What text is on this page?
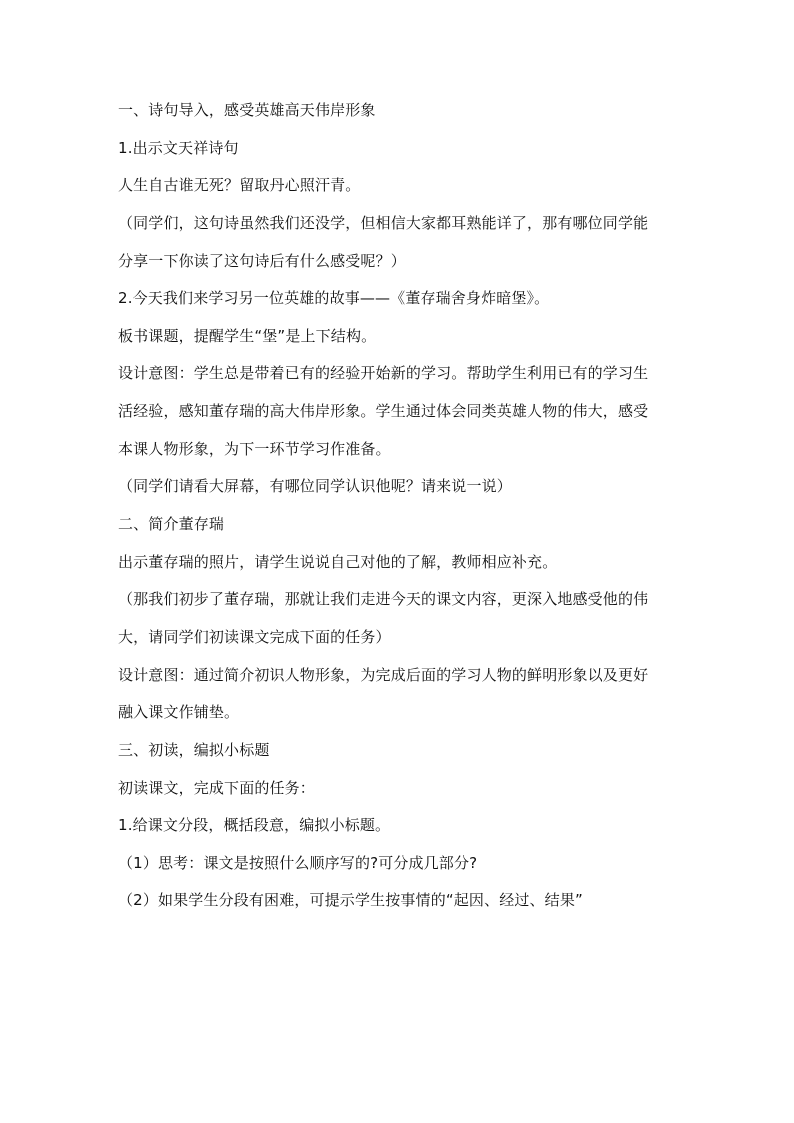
一、诗句导入，感受英雄高天伟岸形象

1.出示文天祥诗句

人生自古谁无死？留取丹心照汗青。

（同学们，这句诗虽然我们还没学，但相信大家都耳熟能详了，那有哪位同学能

分享一下你读了这句诗后有什么感受呢？）

2.今天我们来学习另一位英雄的故事——《董存瑞舍身炸暗堡》。

板书课题，提醒学生“堡”是上下结构。

设计意图：学生总是带着已有的经验开始新的学习。帮助学生利用已有的学习生

活经验，感知董存瑞的高大伟岸形象。学生通过体会同类英雄人物的伟大，感受

本课人物形象，为下一环节学习作准备。

（同学们请看大屏幕，有哪位同学认识他呢？请来说一说）

二、简介董存瑞

出示董存瑞的照片，请学生说说自己对他的了解，教师相应补充。

（那我们初步了董存瑞，那就让我们走进今天的课文内容，更深入地感受他的伟

大，请同学们初读课文完成下面的任务）

设计意图：通过简介初识人物形象，为完成后面的学习人物的鲜明形象以及更好

融入课文作铺垫。

三、初读，编拟小标题

初读课文，完成下面的任务：

1.给课文分段，概括段意，编拟小标题。

（1）思考：课文是按照什么顺序写的?可分成几部分?

（2）如果学生分段有困难，可提示学生按事情的“起因、经过、结果”
